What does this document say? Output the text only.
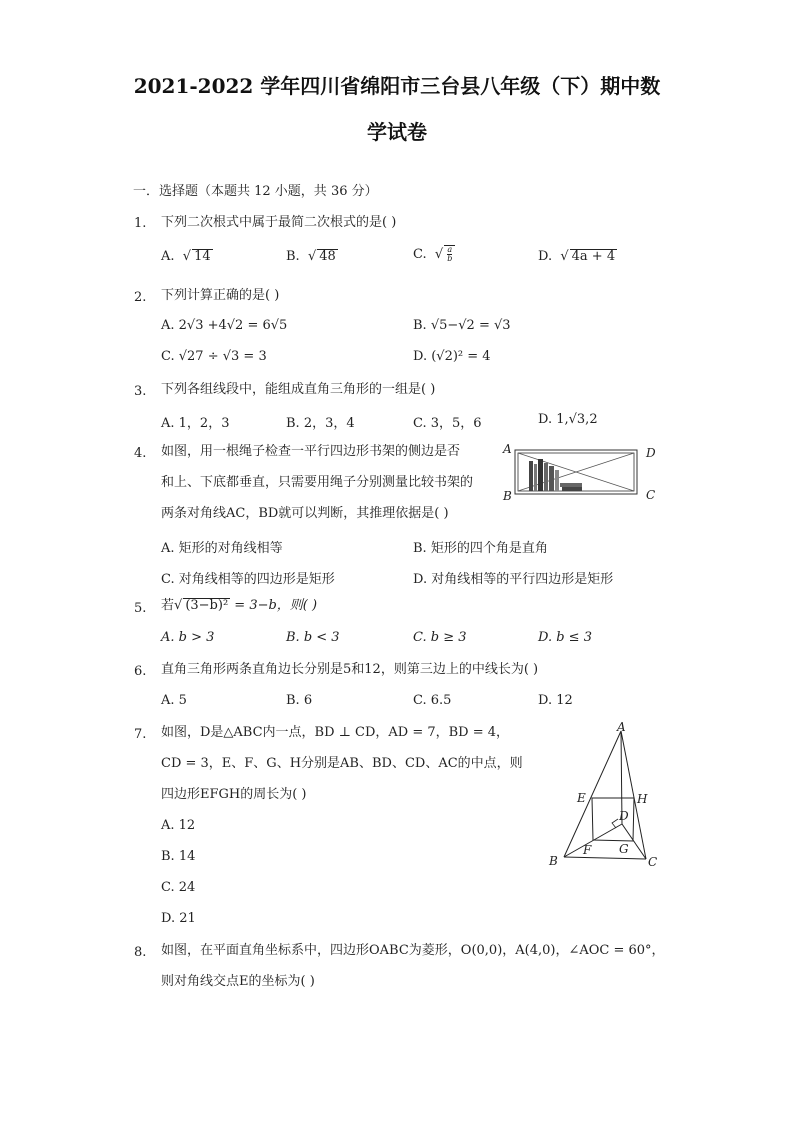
2021-2022 学年四川省绵阳市三台县八年级（下）期中数
学试卷
一．选择题（本题共 12 小题，共 36 分）
1. 下列二次根式中属于最简二次根式的是( )
A.  √ 14	B.  √ 48	C.  √ $\frac{a}{b}$	D.  √ 4a + 4
2. 下列计算正确的是( )
A. 2√3 +4√2 = 6√5	B. √5−√2 = √3
C. √27 ÷ √3 = 3	D. (√2)² = 4
3. 下列各组线段中，能组成直角三角形的一组是( )
A. 1，2，3	B. 2，3，4	C. 3，5，6	D. 1,√3,2
4. 如图，用一根绳子检查一平行四边形书架的侧边是否
和上、下底都垂直，只需要用绳子分别测量比较书架的
两条对角线AC，BD就可以判断，其推理依据是( )
A	D
B	C
A. 矩形的对角线相等	B. 矩形的四个角是直角
C. 对角线相等的四边形是矩形	D. 对角线相等的平行四边形是矩形
5. 若√ (3−b)² = 3−b，则( )
A. b > 3	B. b < 3	C. b ≥ 3	D. b ≤ 3
6. 直角三角形两条直角边长分别是5和12，则第三边上的中线长为( )
A. 5	B. 6	C. 6.5	D. 12
7. 如图，D是△ABC内一点，BD ⊥ CD，AD = 7，BD = 4，
CD = 3，E、F、G、H分别是AB、BD、CD、AC的中点，则
四边形EFGH的周长为( )
A. 12
B. 14
C. 24
D. 21
A
E	H
D
F G
B	C
8. 如图，在平面直角坐标系中，四边形OABC为菱形，O(0,0)，A(4,0)，∠AOC = 60°，
则对角线交点E的坐标为( )
